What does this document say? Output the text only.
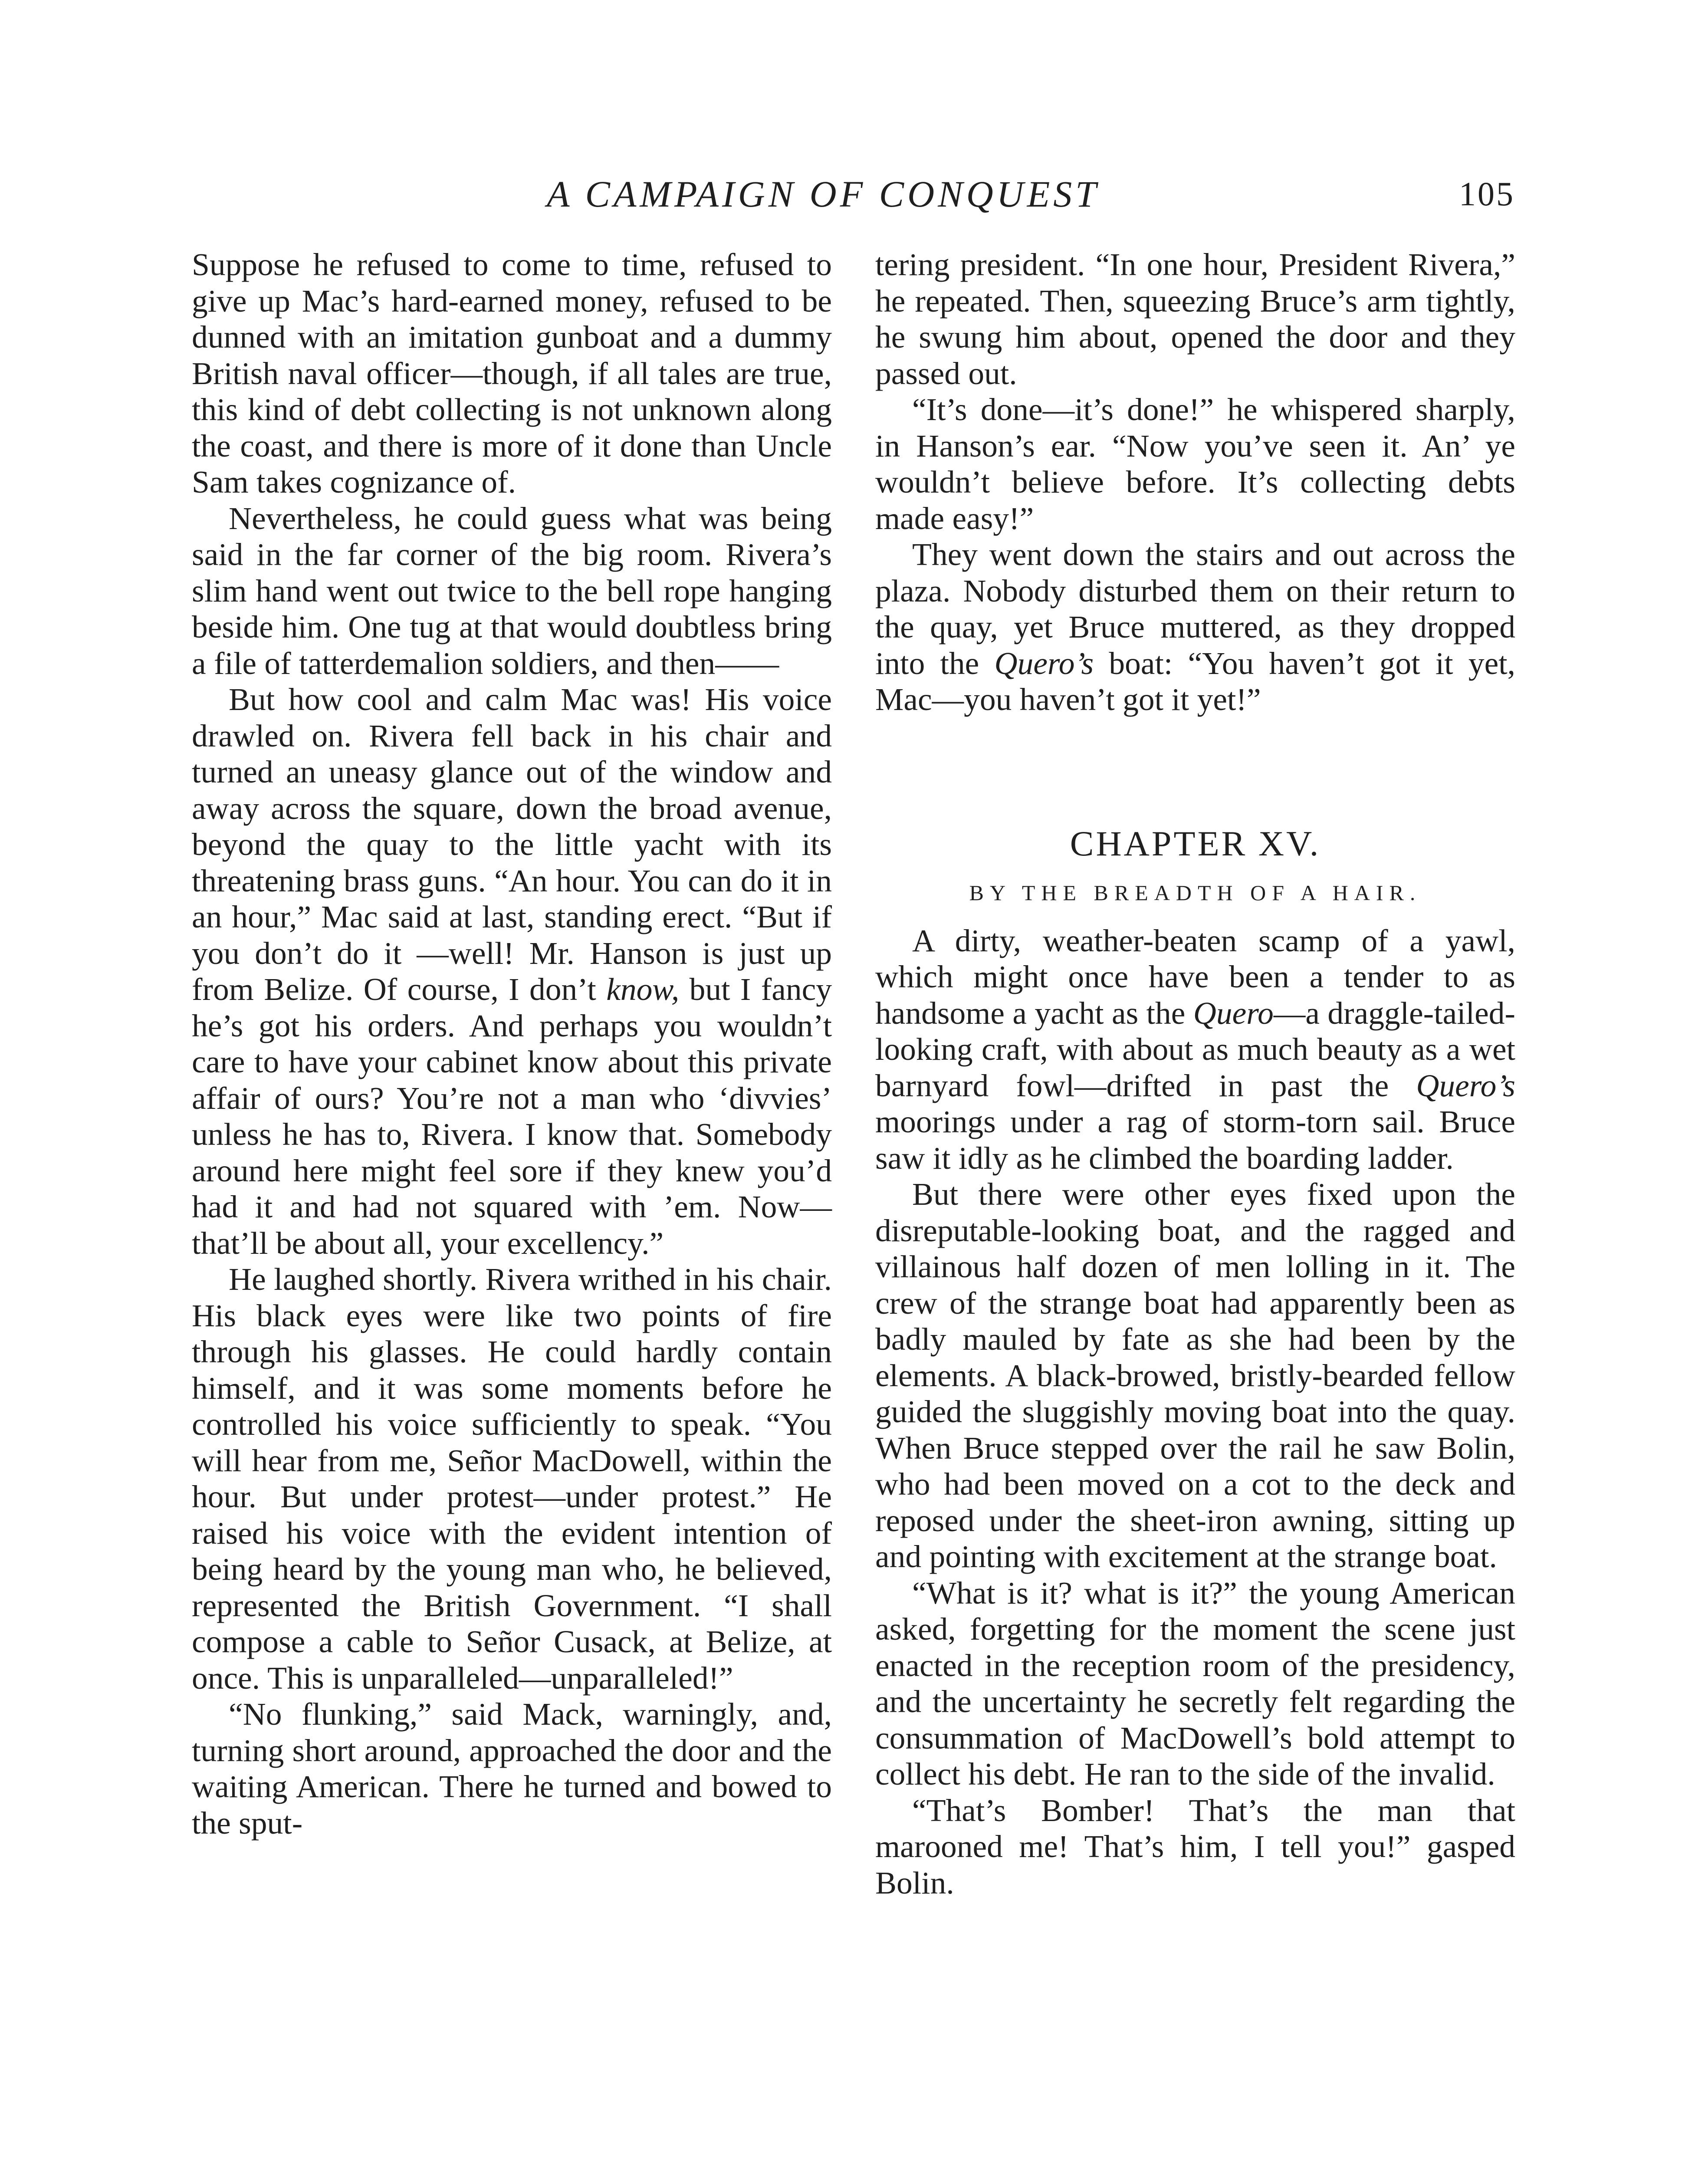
A CAMPAIGN OF CONQUEST	105

Suppose he refused to come to time, refused to give up Mac’s hard-earned money, refused to be dunned with an imitation gunboat and a dummy British naval officer—though, if all tales are true, this kind of debt collecting is not unknown along the coast, and there is more of it done than Uncle Sam takes cognizance of.

Nevertheless, he could guess what was being said in the far corner of the big room. Rivera’s slim hand went out twice to the bell rope hanging beside him. One tug at that would doubtless bring a file of tatterdemalion soldiers, and then——

But how cool and calm Mac was! His voice drawled on. Rivera fell back in his chair and turned an uneasy glance out of the window and away across the square, down the broad avenue, beyond the quay to the little yacht with its threatening brass guns. “An hour. You can do it in an hour,” Mac said at last, standing erect. “But if you don’t do it —well! Mr. Hanson is just up from Belize. Of course, I don’t know, but I fancy he’s got his orders. And perhaps you wouldn’t care to have your cabinet know about this private affair of ours? You’re not a man who ‘divvies’ unless he has to, Rivera. I know that. Somebody around here might feel sore if they knew you’d had it and had not squared with ’em. Now—that’ll be about all, your excellency.”

He laughed shortly. Rivera writhed in his chair. His black eyes were like two points of fire through his glasses. He could hardly contain himself, and it was some moments before he controlled his voice sufficiently to speak. “You will hear from me, Señor MacDowell, within the hour. But under protest—under protest.” He raised his voice with the evident intention of being heard by the young man who, he believed, represented the British Government. “I shall compose a cable to Señor Cusack, at Belize, at once. This is unparalleled—unparalleled!”

“No flunking,” said Mack, warningly, and, turning short around, approached the door and the waiting American. There he turned and bowed to the sput-

tering president. “In one hour, President Rivera,” he repeated. Then, squeezing Bruce’s arm tightly, he swung him about, opened the door and they passed out.

“It’s done—it’s done!” he whispered sharply, in Hanson’s ear. “Now you’ve seen it. An’ ye wouldn’t believe before. It’s collecting debts made easy!”

They went down the stairs and out across the plaza. Nobody disturbed them on their return to the quay, yet Bruce muttered, as they dropped into the Quero’s boat: “You haven’t got it yet, Mac—you haven’t got it yet!”

CHAPTER XV.
BY THE BREADTH OF A HAIR.

A dirty, weather-beaten scamp of a yawl, which might once have been a tender to as handsome a yacht as the Quero—a draggle-tailed-looking craft, with about as much beauty as a wet barnyard fowl—drifted in past the Quero’s moorings under a rag of storm-torn sail. Bruce saw it idly as he climbed the boarding ladder.

But there were other eyes fixed upon the disreputable-looking boat, and the ragged and villainous half dozen of men lolling in it. The crew of the strange boat had apparently been as badly mauled by fate as she had been by the elements. A black-browed, bristly-bearded fellow guided the sluggishly moving boat into the quay. When Bruce stepped over the rail he saw Bolin, who had been moved on a cot to the deck and reposed under the sheet-iron awning, sitting up and pointing with excitement at the strange boat.

“What is it? what is it?” the young American asked, forgetting for the moment the scene just enacted in the reception room of the presidency, and the uncertainty he secretly felt regarding the consummation of MacDowell’s bold attempt to collect his debt. He ran to the side of the invalid.

“That’s Bomber! That’s the man that marooned me! That’s him, I tell you!” gasped Bolin.
